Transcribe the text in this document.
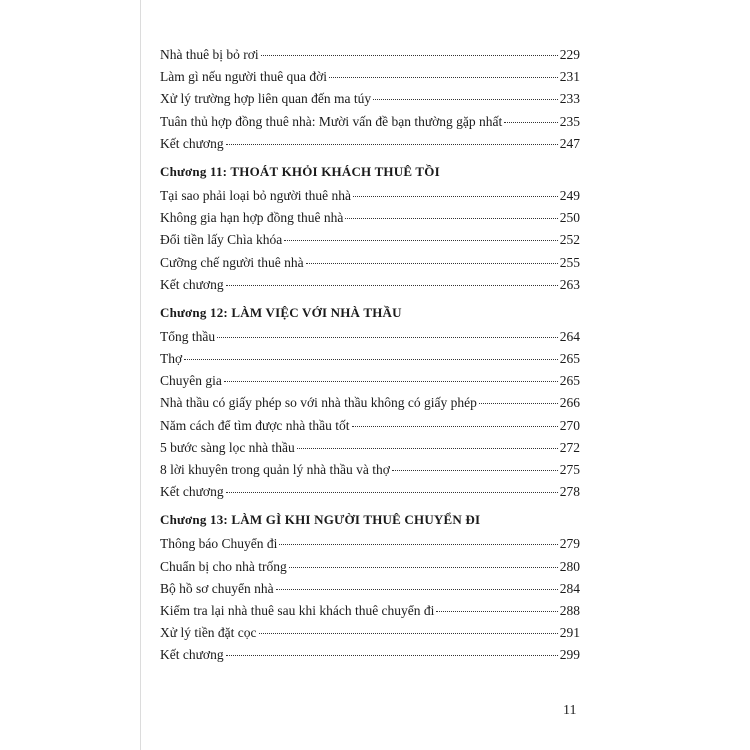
Nhà thuê bị bỏ rơi	229
Làm gì nếu người thuê qua đời	231
Xử lý trường hợp liên quan đến ma túy	233
Tuân thủ hợp đồng thuê nhà: Mười vấn đề bạn thường gặp nhất	235
Kết chương	247
Chương 11: THOÁT KHỎI KHÁCH THUÊ TỒI
Tại sao phải loại bỏ người thuê nhà	249
Không gia hạn hợp đồng thuê nhà	250
Đổi tiền lấy Chìa khóa	252
Cưỡng chế người thuê nhà	255
Kết chương	263
Chương 12: LÀM VIỆC VỚI NHÀ THẦU
Tổng thầu	264
Thợ	265
Chuyên gia	265
Nhà thầu có giấy phép so với nhà thầu không có giấy phép	266
Năm cách để tìm được nhà thầu tốt	270
5 bước sàng lọc nhà thầu	272
8 lời khuyên trong quản lý nhà thầu và thợ	275
Kết chương	278
Chương 13: LÀM GÌ KHI NGƯỜI THUÊ CHUYỂN ĐI
Thông báo Chuyển đi	279
Chuẩn bị cho nhà trống	280
Bộ hồ sơ chuyển nhà	284
Kiểm tra lại nhà thuê sau khi khách thuê chuyển đi	288
Xử lý tiền đặt cọc	291
Kết chương	299
11
